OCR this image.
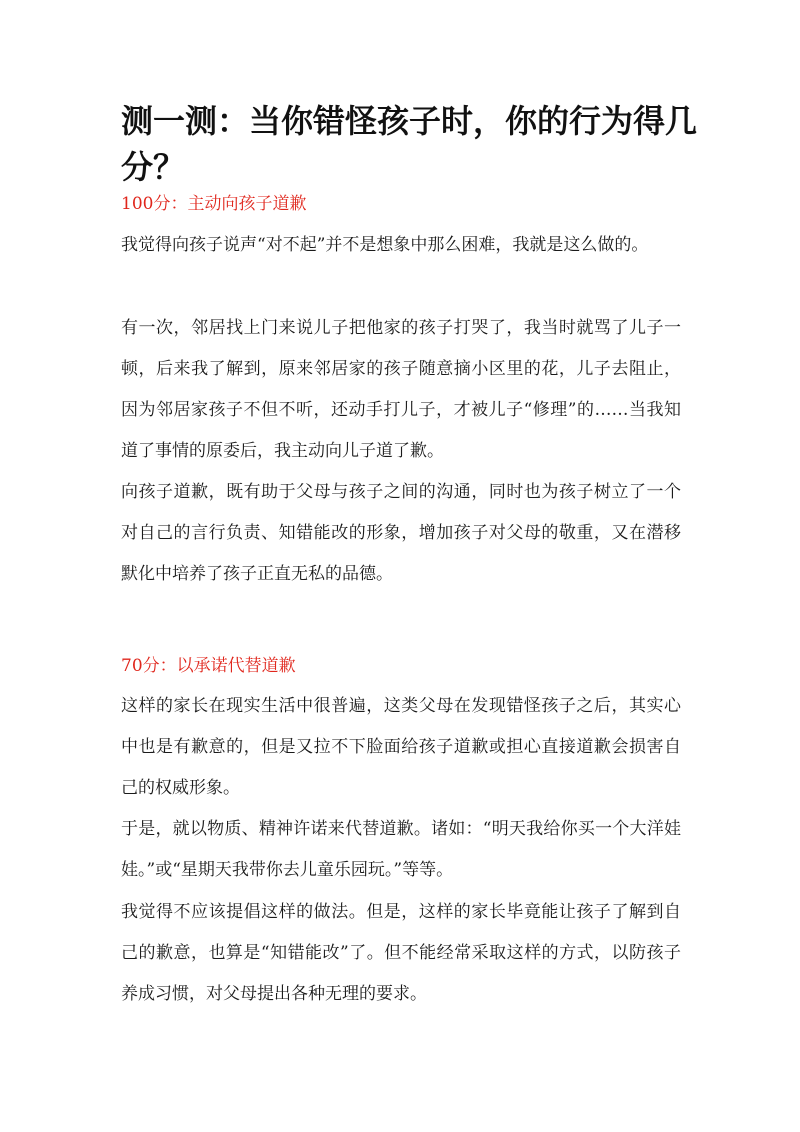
测一测：当你错怪孩子时，你的行为得几分？

100分：主动向孩子道歉

我觉得向孩子说声“对不起”并不是想象中那么困难，我就是这么做的。

有一次，邻居找上门来说儿子把他家的孩子打哭了，我当时就骂了儿子一顿，后来我了解到，原来邻居家的孩子随意摘小区里的花，儿子去阻止，因为邻居家孩子不但不听，还动手打儿子，才被儿子“修理”的……当我知道了事情的原委后，我主动向儿子道了歉。

向孩子道歉，既有助于父母与孩子之间的沟通，同时也为孩子树立了一个对自己的言行负责、知错能改的形象，增加孩子对父母的敬重，又在潜移默化中培养了孩子正直无私的品德。

70分：以承诺代替道歉

这样的家长在现实生活中很普遍，这类父母在发现错怪孩子之后，其实心中也是有歉意的，但是又拉不下脸面给孩子道歉或担心直接道歉会损害自己的权威形象。

于是，就以物质、精神许诺来代替道歉。诸如：“明天我给你买一个大洋娃娃。”或“星期天我带你去儿童乐园玩。”等等。

我觉得不应该提倡这样的做法。但是，这样的家长毕竟能让孩子了解到自己的歉意，也算是“知错能改”了。但不能经常采取这样的方式，以防孩子养成习惯，对父母提出各种无理的要求。
